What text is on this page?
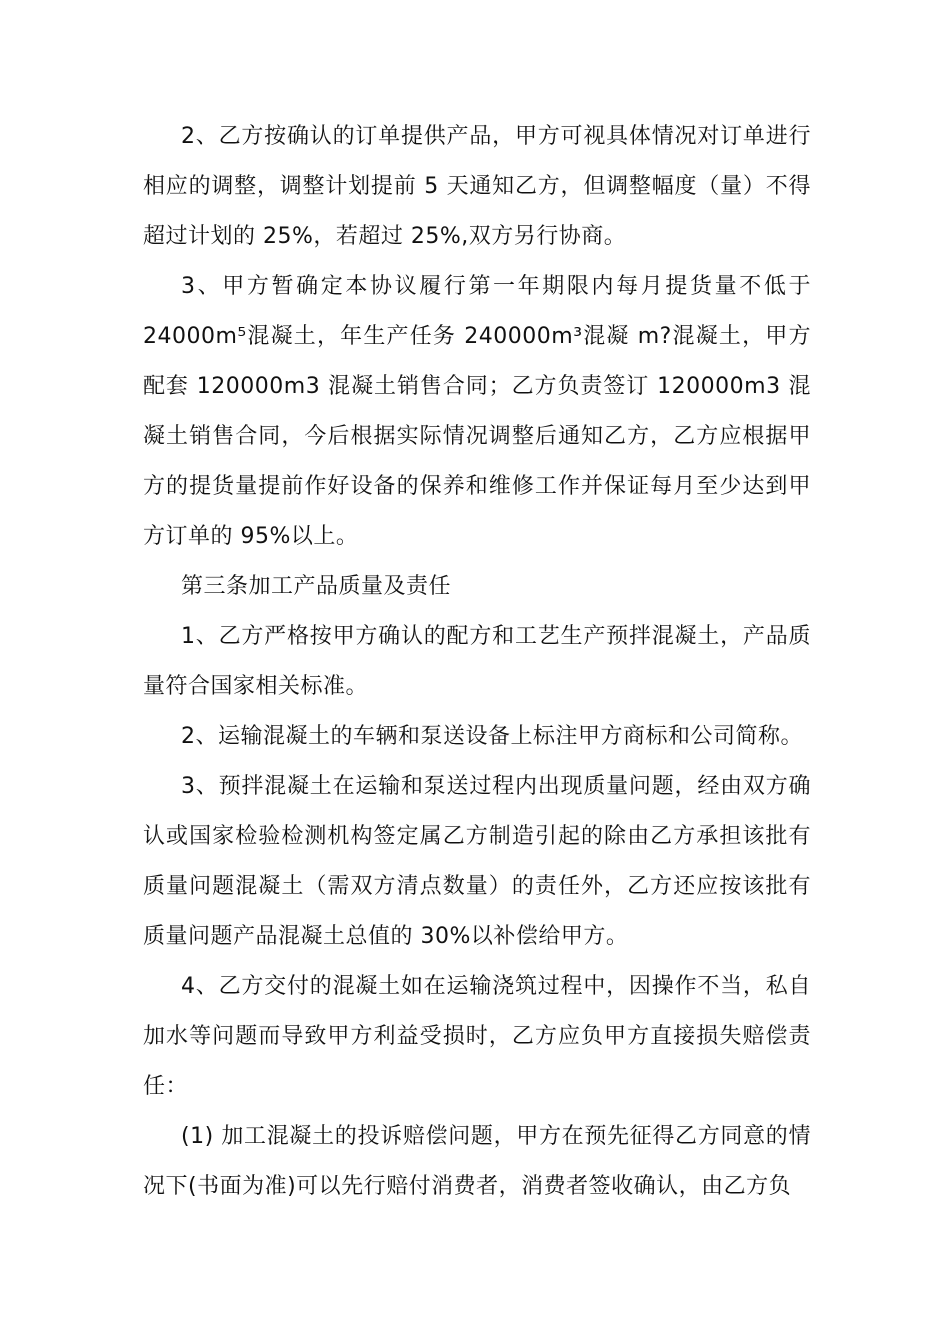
2、乙方按确认的订单提供产品，甲方可视具体情况对订单进行相应的调整，调整计划提前 5 天通知乙方，但调整幅度（量）不得超过计划的 25%，若超过 25%,双方另行协商。

3、甲方暂确定本协议履行第一年期限内每月提货量不低于 24000m⁵混凝土，年生产任务 240000m³混凝 m?混凝土，甲方配套 120000m3 混凝土销售合同；乙方负责签订 120000m3 混凝土销售合同，今后根据实际情况调整后通知乙方，乙方应根据甲方的提货量提前作好设备的保养和维修工作并保证每月至少达到甲方订单的 95%以上。

第三条加工产品质量及责任

1、乙方严格按甲方确认的配方和工艺生产预拌混凝土，产品质量符合国家相关标准。

2、运输混凝土的车辆和泵送设备上标注甲方商标和公司简称。

3、预拌混凝土在运输和泵送过程内出现质量问题，经由双方确认或国家检验检测机构签定属乙方制造引起的除由乙方承担该批有质量问题混凝土（需双方清点数量）的责任外，乙方还应按该批有质量问题产品混凝土总值的 30%以补偿给甲方。

4、乙方交付的混凝土如在运输浇筑过程中，因操作不当，私自加水等问题而导致甲方利益受损时，乙方应负甲方直接损失赔偿责任：

(1) 加工混凝土的投诉赔偿问题，甲方在预先征得乙方同意的情况下(书面为准)可以先行赔付消费者，消费者签收确认，由乙方负
